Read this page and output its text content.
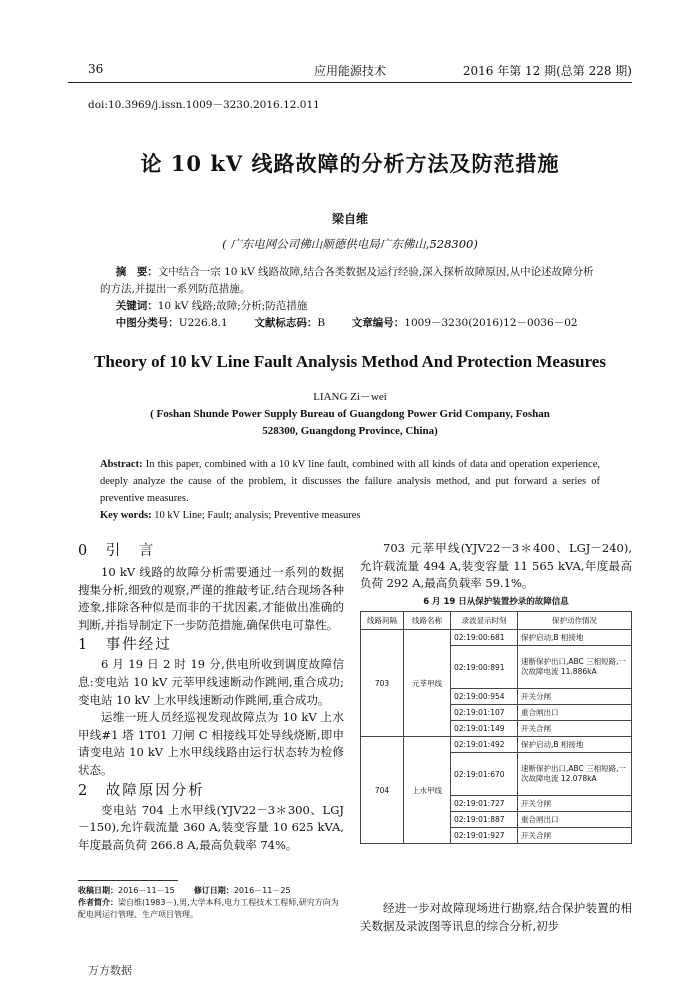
36	应用能源技术	2016 年第 12 期(总第 228 期)
doi:10.3969/j.issn.1009－3230.2016.12.011
论 10 kV 线路故障的分析方法及防范措施
梁自维
( 广东电网公司佛山顺德供电局广东佛山,528300)
摘　要：文中结合一宗 10 kV 线路故障,结合各类数据及运行经验,深入探析故障原因,从中论述故障分析的方法,并提出一系列防范措施。
关键词：10 kV 线路;故障;分析;防范措施
中图分类号：U226.8.1	文献标志码：B	文章编号：1009－3230(2016)12－0036－02
Theory of 10 kV Line Fault Analysis Method And Protection Measures
LIANG Zi－wei
( Foshan Shunde Power Supply Bureau of Guangdong Power Grid Company, Foshan 528300, Guangdong Province, China)
Abstract: In this paper, combined with a 10 kV line fault, combined with all kinds of data and operation experience, deeply analyze the cause of the problem, it discusses the failure analysis method, and put forward a series of preventive measures.
Key words: 10 kV Line; Fault; analysis; Preventive measures
0　引　言

10 kV 线路的故障分析需要通过一系列的数据搜集分析,细致的观察,严谨的推敲考证,结合现场各种迹象,排除各种似是而非的干扰因素,才能做出准确的判断,并指导制定下一步防范措施,确保供电可靠性。

1　事件经过

6 月 19 日 2 时 19 分,供电所收到调度故障信息:变电站 10 kV 元莘甲线速断动作跳闸,重合成功;变电站 10 kV 上水甲线速断动作跳闸,重合成功。

运维一班人员经巡视发现故障点为 10 kV 上水甲线#1 塔 1T01 刀闸 C 相接线耳处导线烧断,即申请变电站 10 kV 上水甲线线路由运行状态转为检修状态。

2　故障原因分析

变电站 704 上水甲线(YJV22－3＊300、LGJ－150),允许载流量 360 A,装变容量 10 625 kVA,年度最高负荷 266.8 A,最高负载率 74%。

收稿日期：2016－11－15 修订日期：2016－11－25
作者简介：梁自维(1983－),男,大学本科,电力工程技术工程师,研究方向为配电网运行管理、生产项目管理。

703 元莘甲线(YJV22－3＊400、LGJ－240),允许载流量 494 A,装变容量 11 565 kVA,年度最高负荷 292 A,最高负载率 59.1%。

6 月 19 日从保护装置抄录的故障信息
线路间隔	线路名称	录波显示时刻	保护动作情况
703	元莘甲线	02:19:00:681	保护启动,B 相接地
		02:19:00:891	速断保护出口,ABC 三相短路,一次故障电流 11.886kA
		02:19:00:954	开关分闸
		02:19:01:107	重合闸出口
		02:19:01:149	开关合闸
704	上水甲线	02:19:01:492	保护启动,B 相接地
		02:19:01:670	速断保护出口,ABC 三相短路,一次故障电流 12.078kA
		02:19:01:727	开关分闸
		02:19:01:887	重合闸出口
		02:19:01:927	开关合闸

经进一步对故障现场进行勘察,结合保护装置的相关数据及录波图等讯息的综合分析,初步

万方数据
